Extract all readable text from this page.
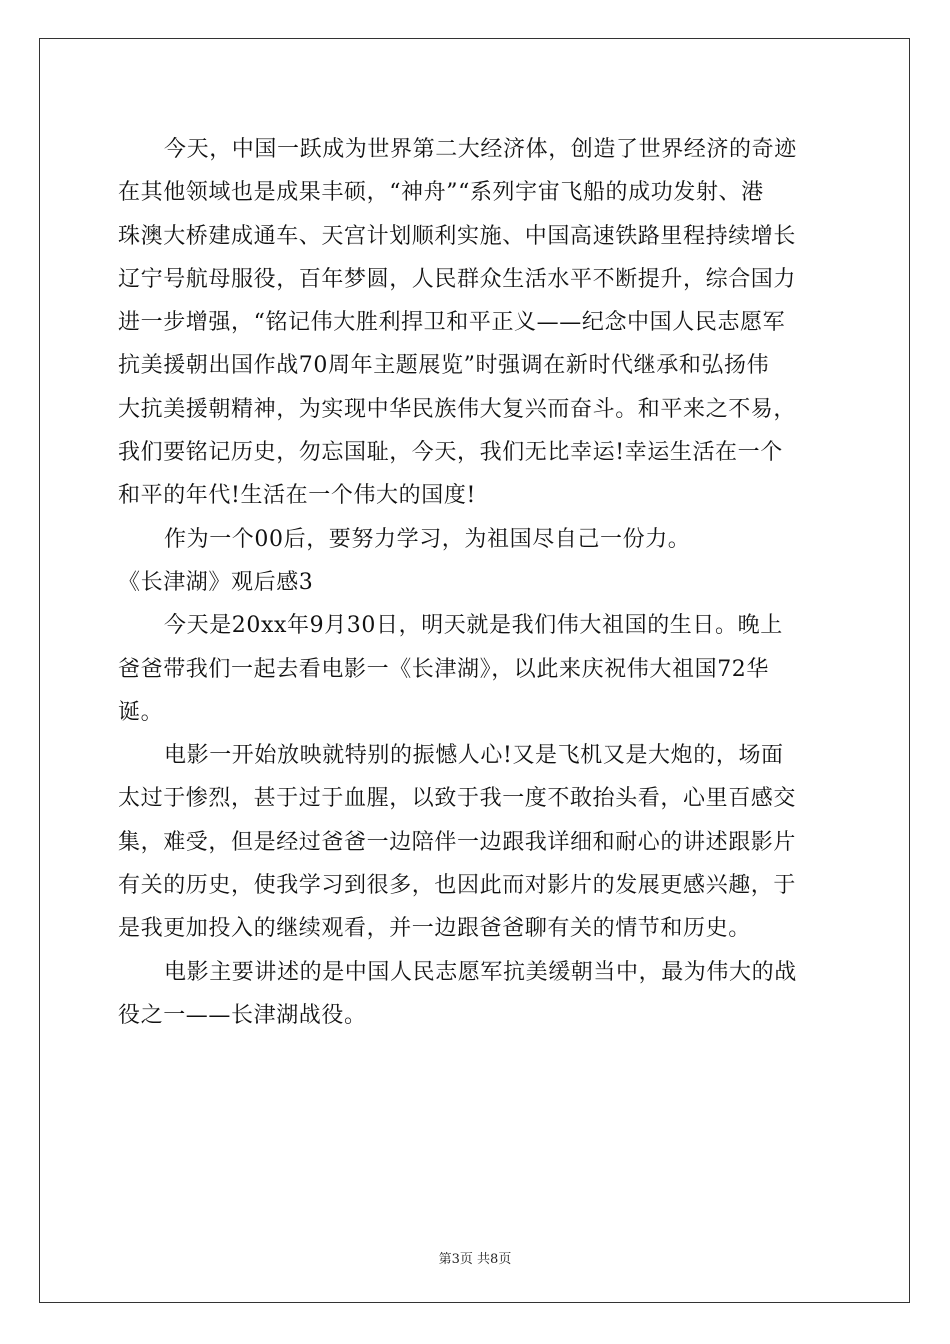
今天，中国一跃成为世界第二大经济体，创造了世界经济的奇迹
在其他领域也是成果丰硕，“神舟”“系列宇宙飞船的成功发射、港
珠澳大桥建成通车、天宫计划顺利实施、中国高速铁路里程持续增长
辽宁号航母服役，百年梦圆，人民群众生活水平不断提升，综合国力
进一步增强，“铭记伟大胜利捍卫和平正义——纪念中国人民志愿军
抗美援朝出国作战70周年主题展览”时强调在新时代继承和弘扬伟
大抗美援朝精神，为实现中华民族伟大复兴而奋斗。和平来之不易，
我们要铭记历史，勿忘国耻，今天，我们无比幸运!幸运生活在一个
和平的年代!生活在一个伟大的国度!
作为一个00后，要努力学习，为祖国尽自己一份力。
《长津湖》观后感3
今天是20xx年9月30日，明天就是我们伟大祖国的生日。晚上
爸爸带我们一起去看电影一《长津湖》，以此来庆祝伟大祖国72华
诞。
电影一开始放映就特别的振憾人心!又是飞机又是大炮的，场面
太过于惨烈，甚于过于血腥，以致于我一度不敢抬头看，心里百感交
集，难受，但是经过爸爸一边陪伴一边跟我详细和耐心的讲述跟影片
有关的历史，使我学习到很多，也因此而对影片的发展更感兴趣，于
是我更加投入的继续观看，并一边跟爸爸聊有关的情节和历史。
电影主要讲述的是中国人民志愿军抗美缓朝当中，最为伟大的战
役之一——长津湖战役。
第3页 共8页
